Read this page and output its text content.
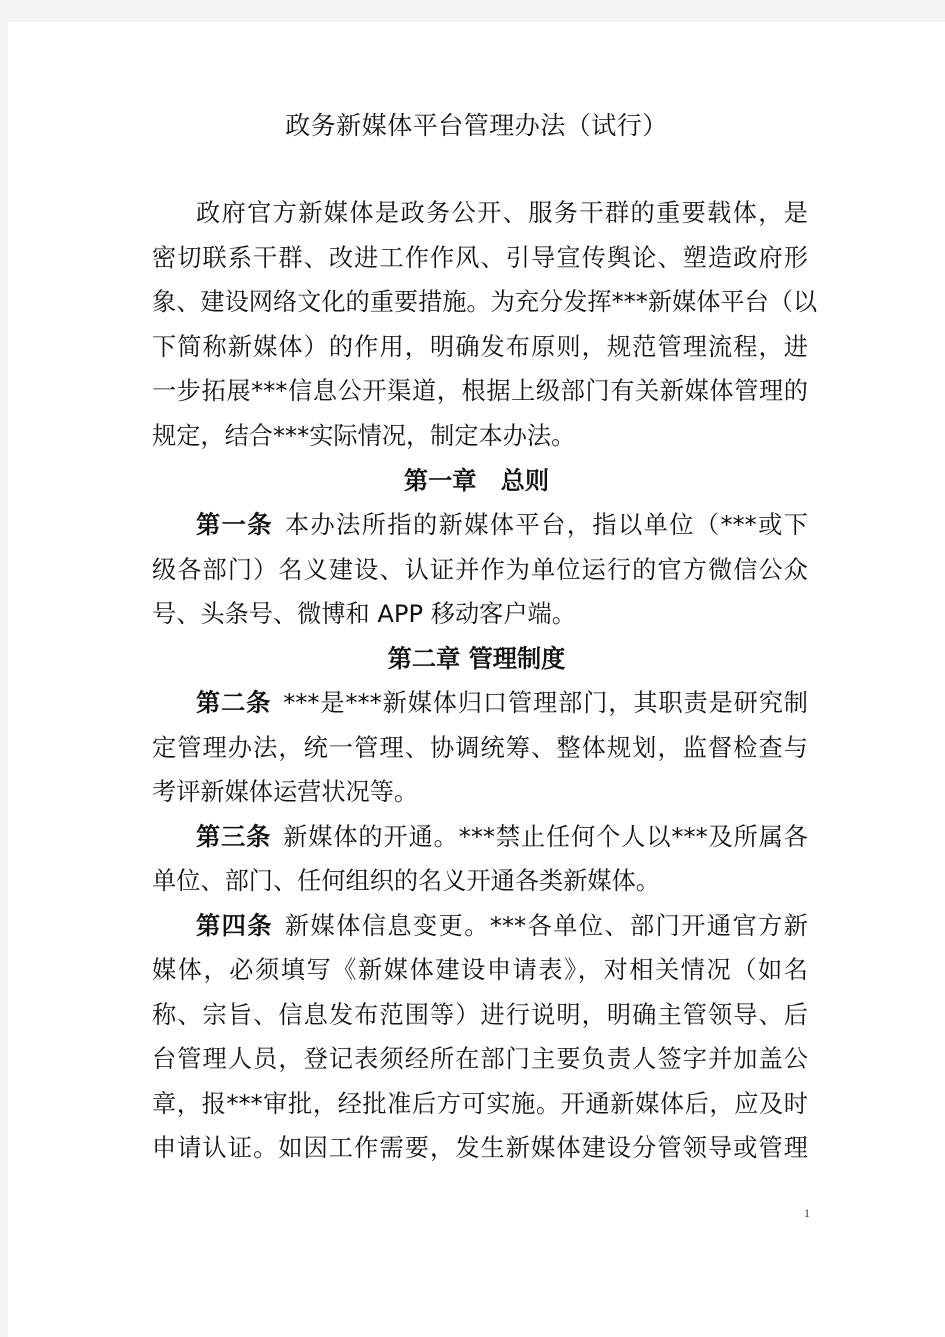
政务新媒体平台管理办法（试行）
政府官方新媒体是政务公开、服务干群的重要载体，是
密切联系干群、改进工作作风、引导宣传舆论、塑造政府形
象、建设网络文化的重要措施。为充分发挥***新媒体平台（以
下简称新媒体）的作用，明确发布原则，规范管理流程，进
一步拓展***信息公开渠道，根据上级部门有关新媒体管理的
规定，结合***实际情况，制定本办法。
第一章　总则
第一条 本办法所指的新媒体平台，指以单位（***或下
级各部门）名义建设、认证并作为单位运行的官方微信公众
号、头条号、微博和 APP 移动客户端。
第二章 管理制度
第二条 ***是***新媒体归口管理部门，其职责是研究制
定管理办法，统一管理、协调统筹、整体规划，监督检查与
考评新媒体运营状况等。
第三条 新媒体的开通。***禁止任何个人以***及所属各
单位、部门、任何组织的名义开通各类新媒体。
第四条 新媒体信息变更。***各单位、部门开通官方新
媒体，必须填写《新媒体建设申请表》，对相关情况（如名
称、宗旨、信息发布范围等）进行说明，明确主管领导、后
台管理人员，登记表须经所在部门主要负责人签字并加盖公
章，报***审批，经批准后方可实施。开通新媒体后，应及时
申请认证。如因工作需要，发生新媒体建设分管领导或管理
1
